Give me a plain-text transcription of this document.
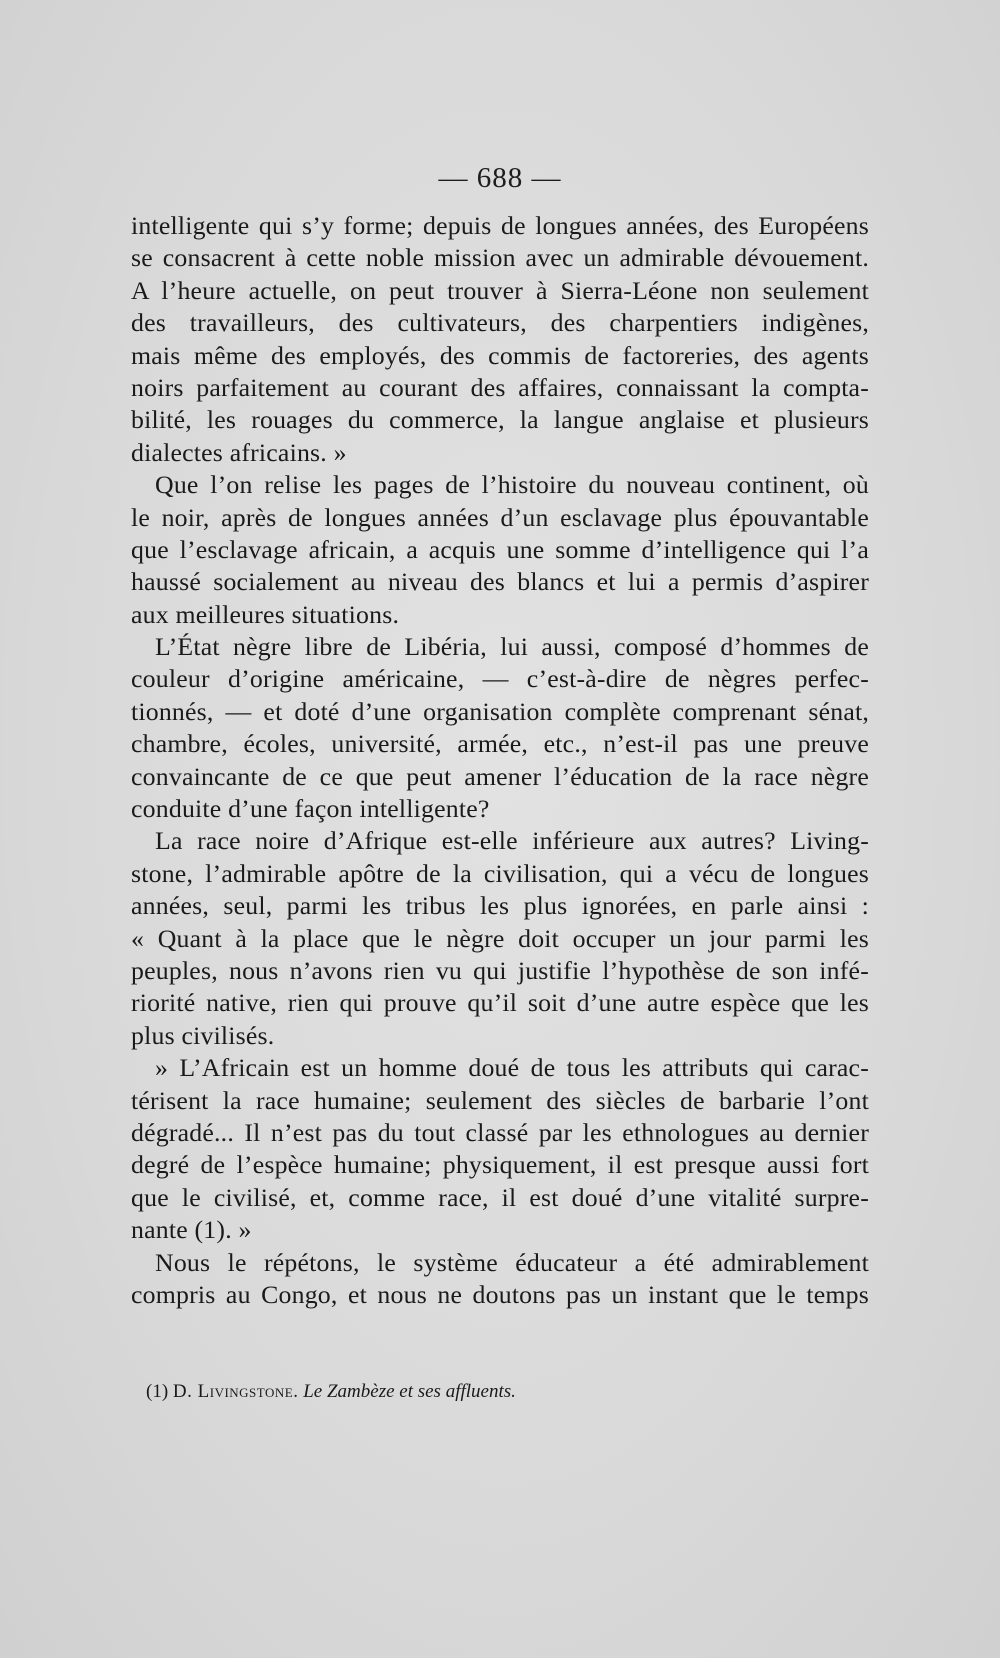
— 688 —
intelligente qui s’y forme; depuis de longues années, des Européens
se consacrent à cette noble mission avec un admirable dévouement.
A l’heure actuelle, on peut trouver à Sierra-Léone non seulement
des travailleurs, des cultivateurs, des charpentiers indigènes,
mais même des employés, des commis de factoreries, des agents
noirs parfaitement au courant des affaires, connaissant la compta-
bilité, les rouages du commerce, la langue anglaise et plusieurs
dialectes africains. »
Que l’on relise les pages de l’histoire du nouveau continent, où
le noir, après de longues années d’un esclavage plus épouvantable
que l’esclavage africain, a acquis une somme d’intelligence qui l’a
haussé socialement au niveau des blancs et lui a permis d’aspirer
aux meilleures situations.
L’État nègre libre de Libéria, lui aussi, composé d’hommes de
couleur d’origine américaine, — c’est-à-dire de nègres perfec-
tionnés, — et doté d’une organisation complète comprenant sénat,
chambre, écoles, université, armée, etc., n’est-il pas une preuve
convaincante de ce que peut amener l’éducation de la race nègre
conduite d’une façon intelligente?
La race noire d’Afrique est-elle inférieure aux autres? Living-
stone, l’admirable apôtre de la civilisation, qui a vécu de longues
années, seul, parmi les tribus les plus ignorées, en parle ainsi :
« Quant à la place que le nègre doit occuper un jour parmi les
peuples, nous n’avons rien vu qui justifie l’hypothèse de son infé-
riorité native, rien qui prouve qu’il soit d’une autre espèce que les
plus civilisés.
» L’Africain est un homme doué de tous les attributs qui carac-
térisent la race humaine; seulement des siècles de barbarie l’ont
dégradé... Il n’est pas du tout classé par les ethnologues au dernier
degré de l’espèce humaine; physiquement, il est presque aussi fort
que le civilisé, et, comme race, il est doué d’une vitalité surpre-
nante (1). »
Nous le répétons, le système éducateur a été admirablement
compris au Congo, et nous ne doutons pas un instant que le temps
(1) D. Livingstone. Le Zambèze et ses affluents.
